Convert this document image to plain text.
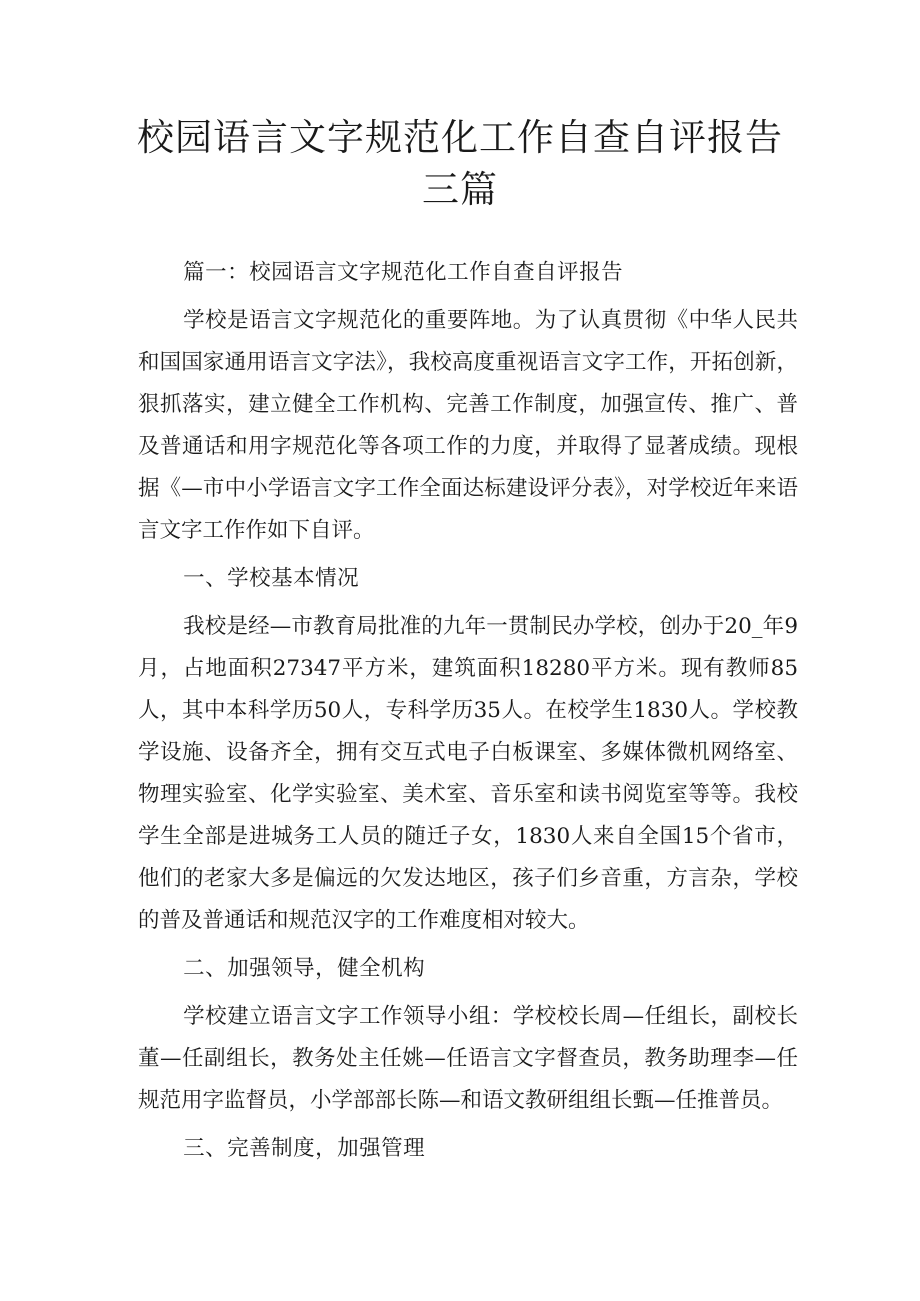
校园语言文字规范化工作自查自评报告三篇

篇一：校园语言文字规范化工作自查自评报告

学校是语言文字规范化的重要阵地。为了认真贯彻《中华人民共和国国家通用语言文字法》，我校高度重视语言文字工作，开拓创新，狠抓落实，建立健全工作机构、完善工作制度，加强宣传、推广、普及普通话和用字规范化等各项工作的力度，并取得了显著成绩。现根据《—市中小学语言文字工作全面达标建设评分表》，对学校近年来语言文字工作作如下自评。

一、学校基本情况

我校是经—市教育局批准的九年一贯制民办学校，创办于20_年9月，占地面积27347平方米，建筑面积18280平方米。现有教师85人，其中本科学历50人，专科学历35人。在校学生1830人。学校教学设施、设备齐全，拥有交互式电子白板课室、多媒体微机网络室、物理实验室、化学实验室、美术室、音乐室和读书阅览室等等。我校学生全部是进城务工人员的随迁子女，1830人来自全国15个省市，他们的老家大多是偏远的欠发达地区，孩子们乡音重，方言杂，学校的普及普通话和规范汉字的工作难度相对较大。

二、加强领导，健全机构

学校建立语言文字工作领导小组：学校校长周—任组长，副校长董—任副组长，教务处主任姚—任语言文字督查员，教务助理李—任规范用字监督员，小学部部长陈—和语文教研组组长甄—任推普员。

三、完善制度，加强管理
